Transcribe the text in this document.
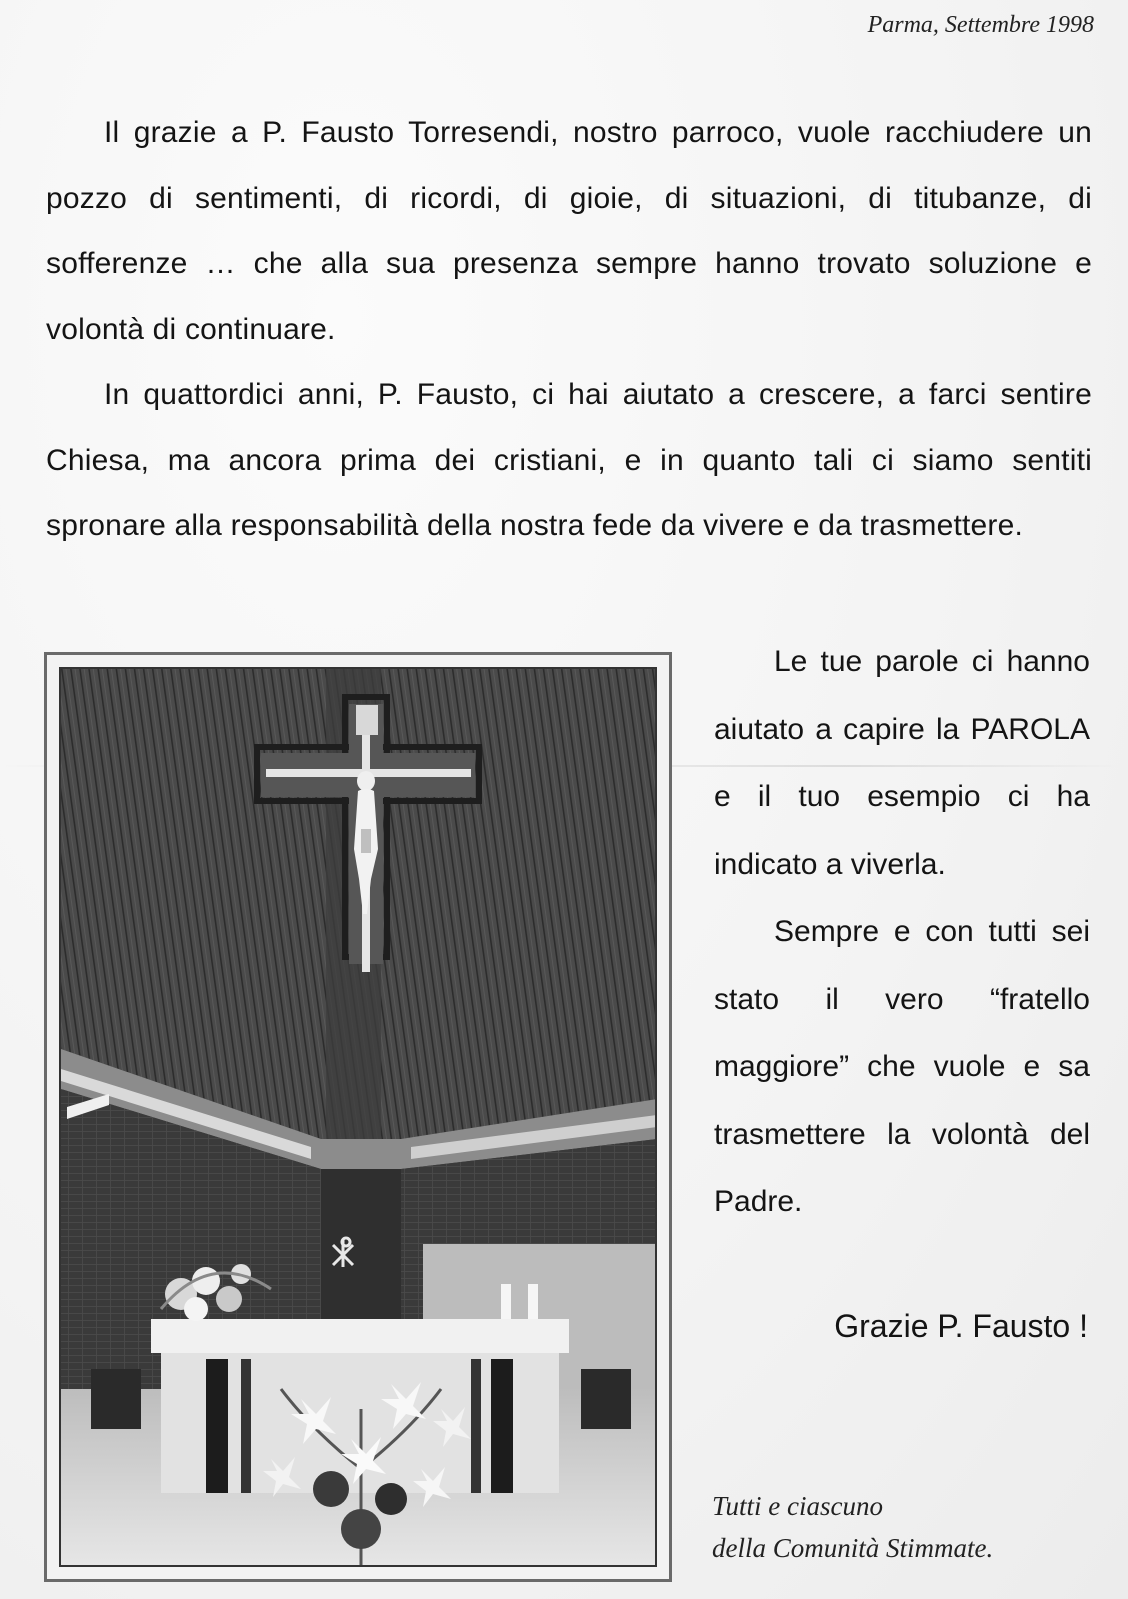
Parma, Settembre 1998

Il grazie a P. Fausto Torresendi, nostro parroco, vuole racchiudere un pozzo di sentimenti, di ricordi, di gioie, di situazioni, di titubanze, di sofferenze … che alla sua presenza sempre hanno trovato soluzione e volontà di continuare.

In quattordici anni, P. Fausto, ci hai aiutato a crescere, a farci sentire Chiesa, ma ancora prima dei cristiani, e in quanto tali ci siamo sentiti spronare alla responsabilità della nostra fede da vivere e da trasmettere.

Le tue parole ci hanno aiutato a capire la PAROLA e il tuo esempio ci ha indicato a viverla.

Sempre e con tutti sei stato il vero “fratello maggiore” che vuole e sa trasmettere la volontà del Padre.

Grazie P. Fausto !
Tutti e ciascuno
della Comunità Stimmate.
